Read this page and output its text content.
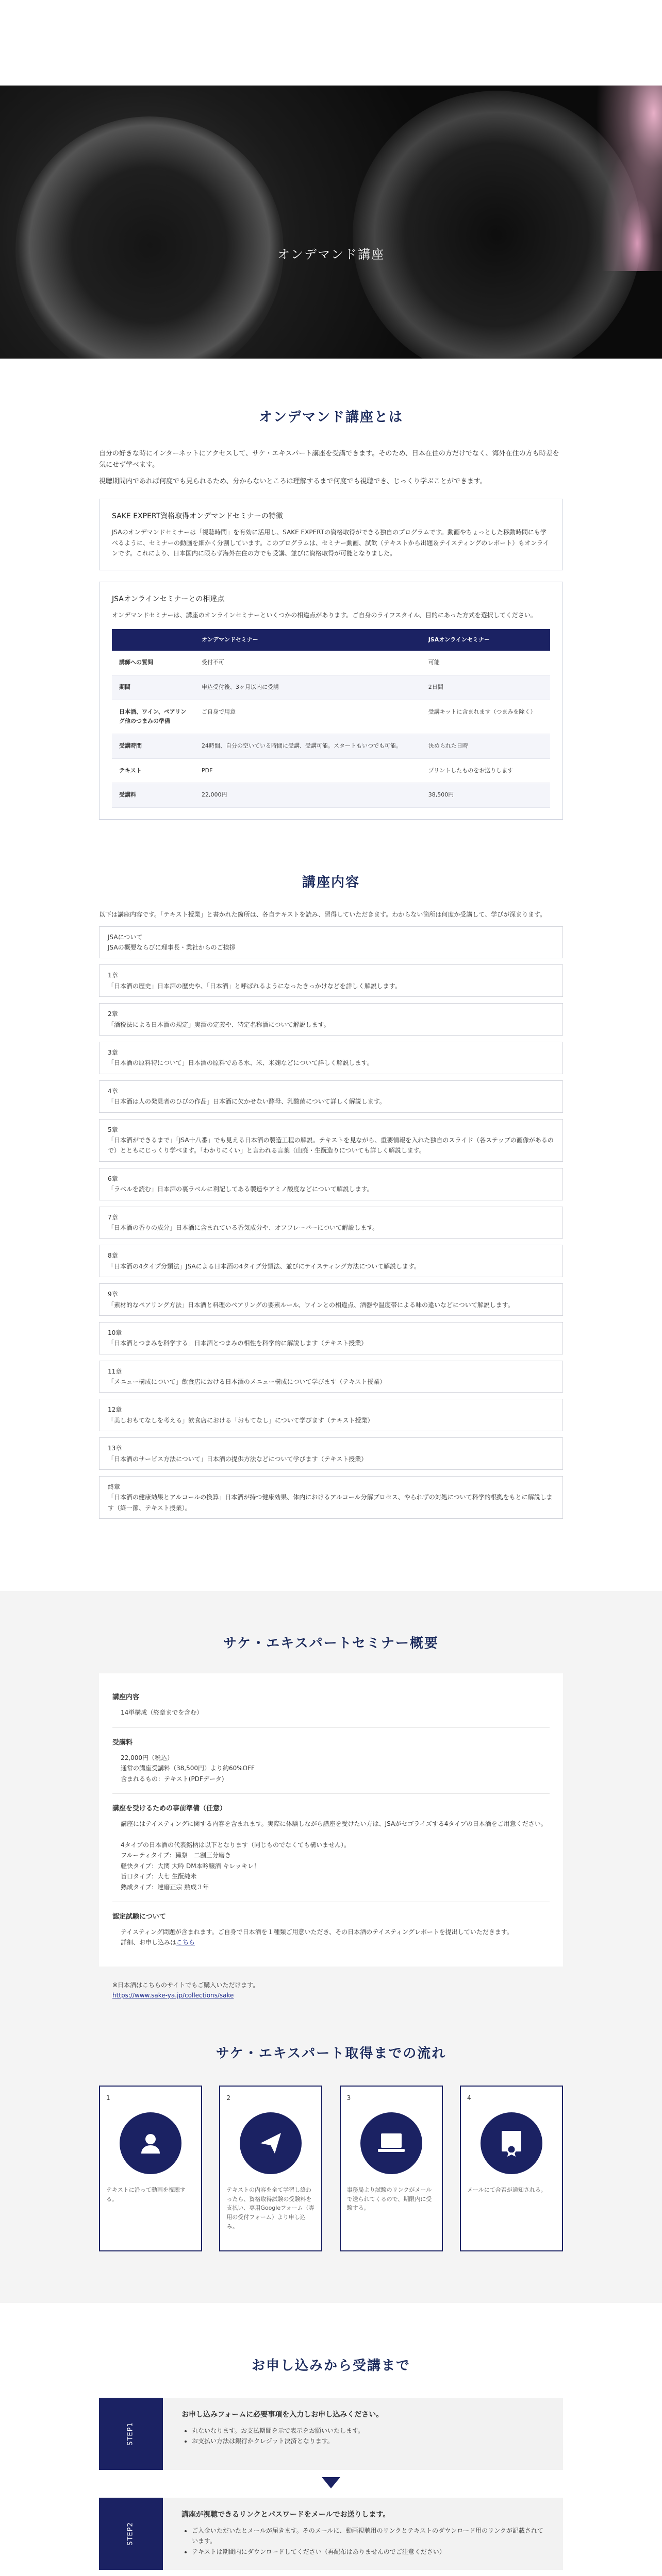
オンデマンド講座
オンデマンド講座とは

自分の好きな時にインターネットにアクセスして、サケ・エキスパート講座を受講できます。そのため、日本在住の方だけでなく、海外在住の方も時差を気にせず学べます。

視聴期間内であれば何度でも見られるため、分からないところは理解するまで何度でも視聴でき、じっくり学ぶことができます。

SAKE EXPERT資格取得オンデマンドセミナーの特徴

JSAのオンデマンドセミナーは「視聴時間」を有効に活用し、SAKE EXPERTの資格取得ができる独自のプログラムです。動画やちょっとした移動時間にも学べるように、セミナーの動画を細かく分割しています。このプログラムは、セミナー動画、試飲（テキストから出題＆テイスティングのレポート）もオンラインです。これにより、日本国内に限らず海外在住の方でも受講、並びに資格取得が可能となりました。

JSAオンラインセミナーとの相違点

オンデマンドセミナーは、講座のオンラインセミナーといくつかの相違点があります。ご自身のライフスタイル、目的にあった方式を選択してください。

	オンデマンドセミナー	JSAオンラインセミナー
講師への質問	受付不可	可能
期間	申込受付後、3ヶ月以内に受講	2日間
日本酒、ワイン、ペアリング他のつまみの準備	ご自身で用意	受講キットに含まれます（つまみを除く）
受講時間	24時間、自分の空いている時間に受講、受講可能。スタートもいつでも可能。	決められた日時
テキスト	PDF	プリントしたものをお送りします
受講料	22,000円	38,500円
講座内容

以下は講座内容です。「テキスト授業」と書かれた箇所は、各自テキストを読み、習得していただきます。わからない箇所は何度か受講して、学びが深まります。

JSAについて
JSAの概要ならびに理事長・業社からのご挨拶
1章
「日本酒の歴史」日本酒の歴史や、「日本酒」と呼ばれるようになったきっかけなどを詳しく解説します。
2章
「酒税法による日本酒の規定」実酒の定義や、特定名称酒について解説します。
3章
「日本酒の原料特について」日本酒の原料である水、米、米麹などについて詳しく解説します。
4章
「日本酒は人の発見者のひびの作品」日本酒に欠かせない酵母、乳酸菌について詳しく解説します。
5章
「日本酒ができるまで」「JSA十八番」でも見える日本酒の製造工程の解説。テキストを見ながら、重要情報を入れた独自のスライド（各ステップの画像があるので）とともにじっくり学べます。「わかりにくい」と言われる言葉（山廃・生酛造りについても詳しく解説します。
6章
「ラベルを読む」日本酒の裏ラベルに利記してある製造やアミノ酸度などについて解説します。
7章
「日本酒の香りの成分」日本酒に含まれている香気成分や、オフフレーバーについて解説します。
8章
「日本酒の4タイプ分類法」JSAによる日本酒の4タイプ分類法、並びにテイスティング方法について解説します。
9章
「素材的なペアリング方法」日本酒と料理のペアリングの要素ルール、ワインとの相違点、酒器や温度帯による味の違いなどについて解説します。
10章
「日本酒とつまみを科学する」日本酒とつまみの相性を科学的に解説します（テキスト授業）
11章
「メニュー構成について」飲食店における日本酒のメニュー構成について学びます（テキスト授業）
12章
「美しおもてなしを考える」飲食店における「おもてなし」について学びます（テキスト授業）
13章
「日本酒のサービス方法について」日本酒の提供方法などについて学びます（テキスト授業）
終章
「日本酒の健康効果とアルコールの換算」日本酒が持つ健康効果、体内におけるアルコール分解プロセス、やられずの対処について科学的根拠をもとに解説します（終一節、テキスト授業）。
サケ・エキスパートセミナー概要
講座内容
14単構成（終章までを含む）
受講料
22,000円（税込）
通常の講座受講料（38,500円）より約60%OFF
含まれるもの：テキスト(PDFデータ)
講座を受けるための事前準備（任意）
講座にはテイスティングに関する内容を含まれます。実際に体験しながら講座を受けたい方は、JSAがセゴライズする4タイプの日本酒をご用意ください。

4タイプの日本酒の代表銘柄は以下となります（同じものでなくても構いません）。
フルーティタイプ：獺祭　二割三分磨き
軽快タイプ：大関 大吟 DM本吟醸酒 キレッキレ！
旨口タイプ：大七 生酛純米
熟成タイプ：達磨正宗 熟成３年
認定試験について
テイスティング問題が含まれます。ご自身で日本酒を１種類ご用意いただき、その日本酒のテイスティングレポートを提出していただきます。
詳細、お申し込みはこちら
※日本酒はこちらのサイトでもご購入いただけます。
https://www.sake-ya.jp/collections/sake
サケ・エキスパート取得までの流れ
1
テキストに沿って動画を視聴する。
2
テキストの内容を全て学習し終わったら、資格取得試験の受験料を支払い、専用Googleフォーム（専用の受付フォーム）より申し込み。
3
事務局より試験のリンクがメールで送られてくるので、期限内に受験する。
4
メールにて合否が通知される。
お申し込みから受講まで
STEP1
お申し込みフォームに必要事項を入力しお申し込みください。
• 丸ないなります。お支払期間を示で表示をお願いいたします。
• お支払い方法は銀行かクレジット決済となります。
STEP2
講座が視聴できるリンクとパスワードをメールでお送りします。
• ご入金いただいたとメールが届きます。そのメールに、動画視聴用のリンクとテキストのダウンロード用のリンクが記載されています。
• テキストは期間内にダウンロードしてください（再配布はありませんのでご注意ください）
